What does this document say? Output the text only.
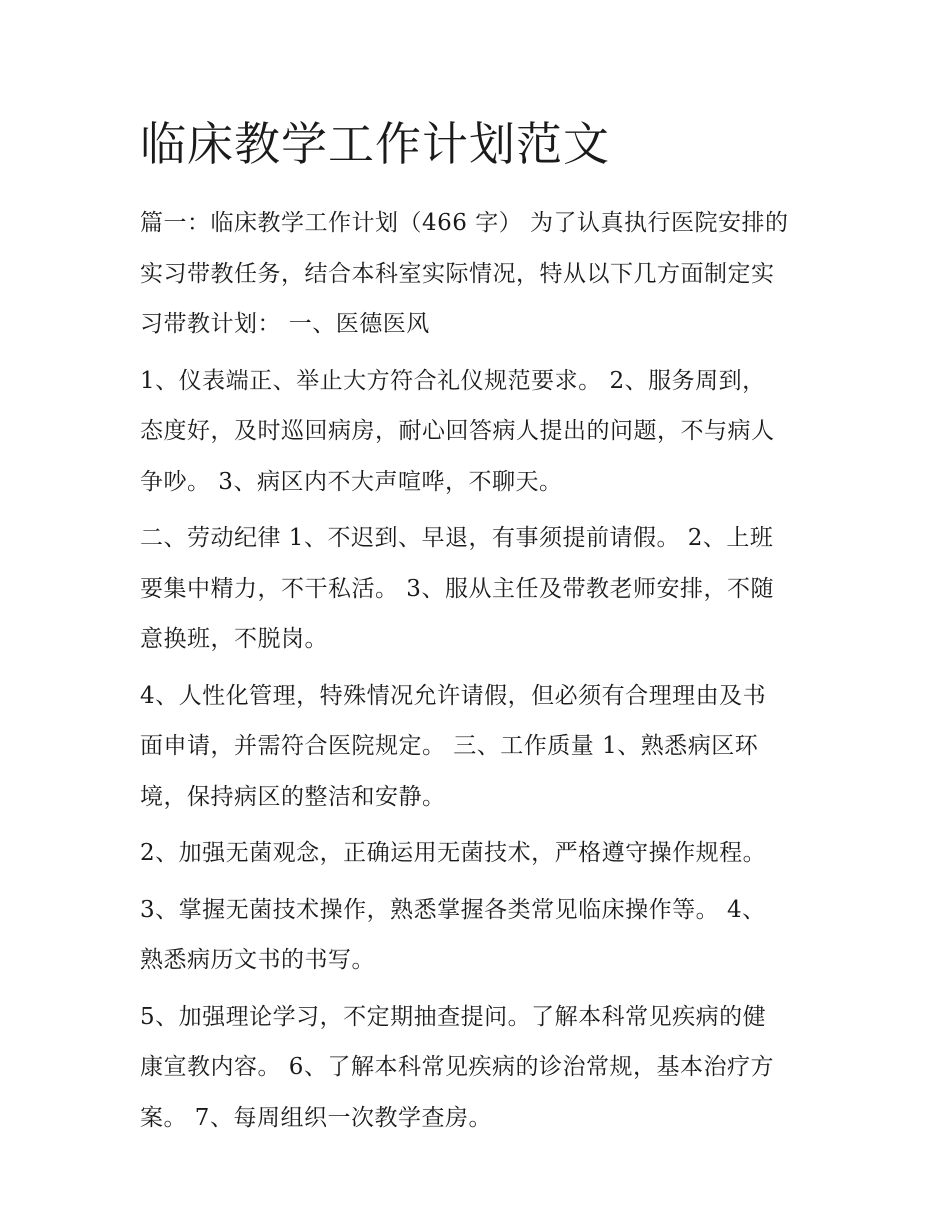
临床教学工作计划范文

篇一：临床教学工作计划（466 字） 为了认真执行医院安排的
实习带教任务，结合本科室实际情况，特从以下几方面制定实
习带教计划： 一、医德医风

1、仪表端正、举止大方符合礼仪规范要求。 2、服务周到，
态度好，及时巡回病房，耐心回答病人提出的问题，不与病人
争吵。 3、病区内不大声喧哗，不聊天。

二、劳动纪律 1、不迟到、早退，有事须提前请假。 2、上班
要集中精力，不干私活。 3、服从主任及带教老师安排，不随
意换班，不脱岗。

4、人性化管理，特殊情况允许请假，但必须有合理理由及书
面申请，并需符合医院规定。 三、工作质量 1、熟悉病区环
境，保持病区的整洁和安静。

2、加强无菌观念，正确运用无菌技术，严格遵守操作规程。

3、掌握无菌技术操作，熟悉掌握各类常见临床操作等。 4、
熟悉病历文书的书写。

5、加强理论学习，不定期抽查提问。了解本科常见疾病的健
康宣教内容。 6、了解本科常见疾病的诊治常规，基本治疗方
案。 7、每周组织一次教学查房。
